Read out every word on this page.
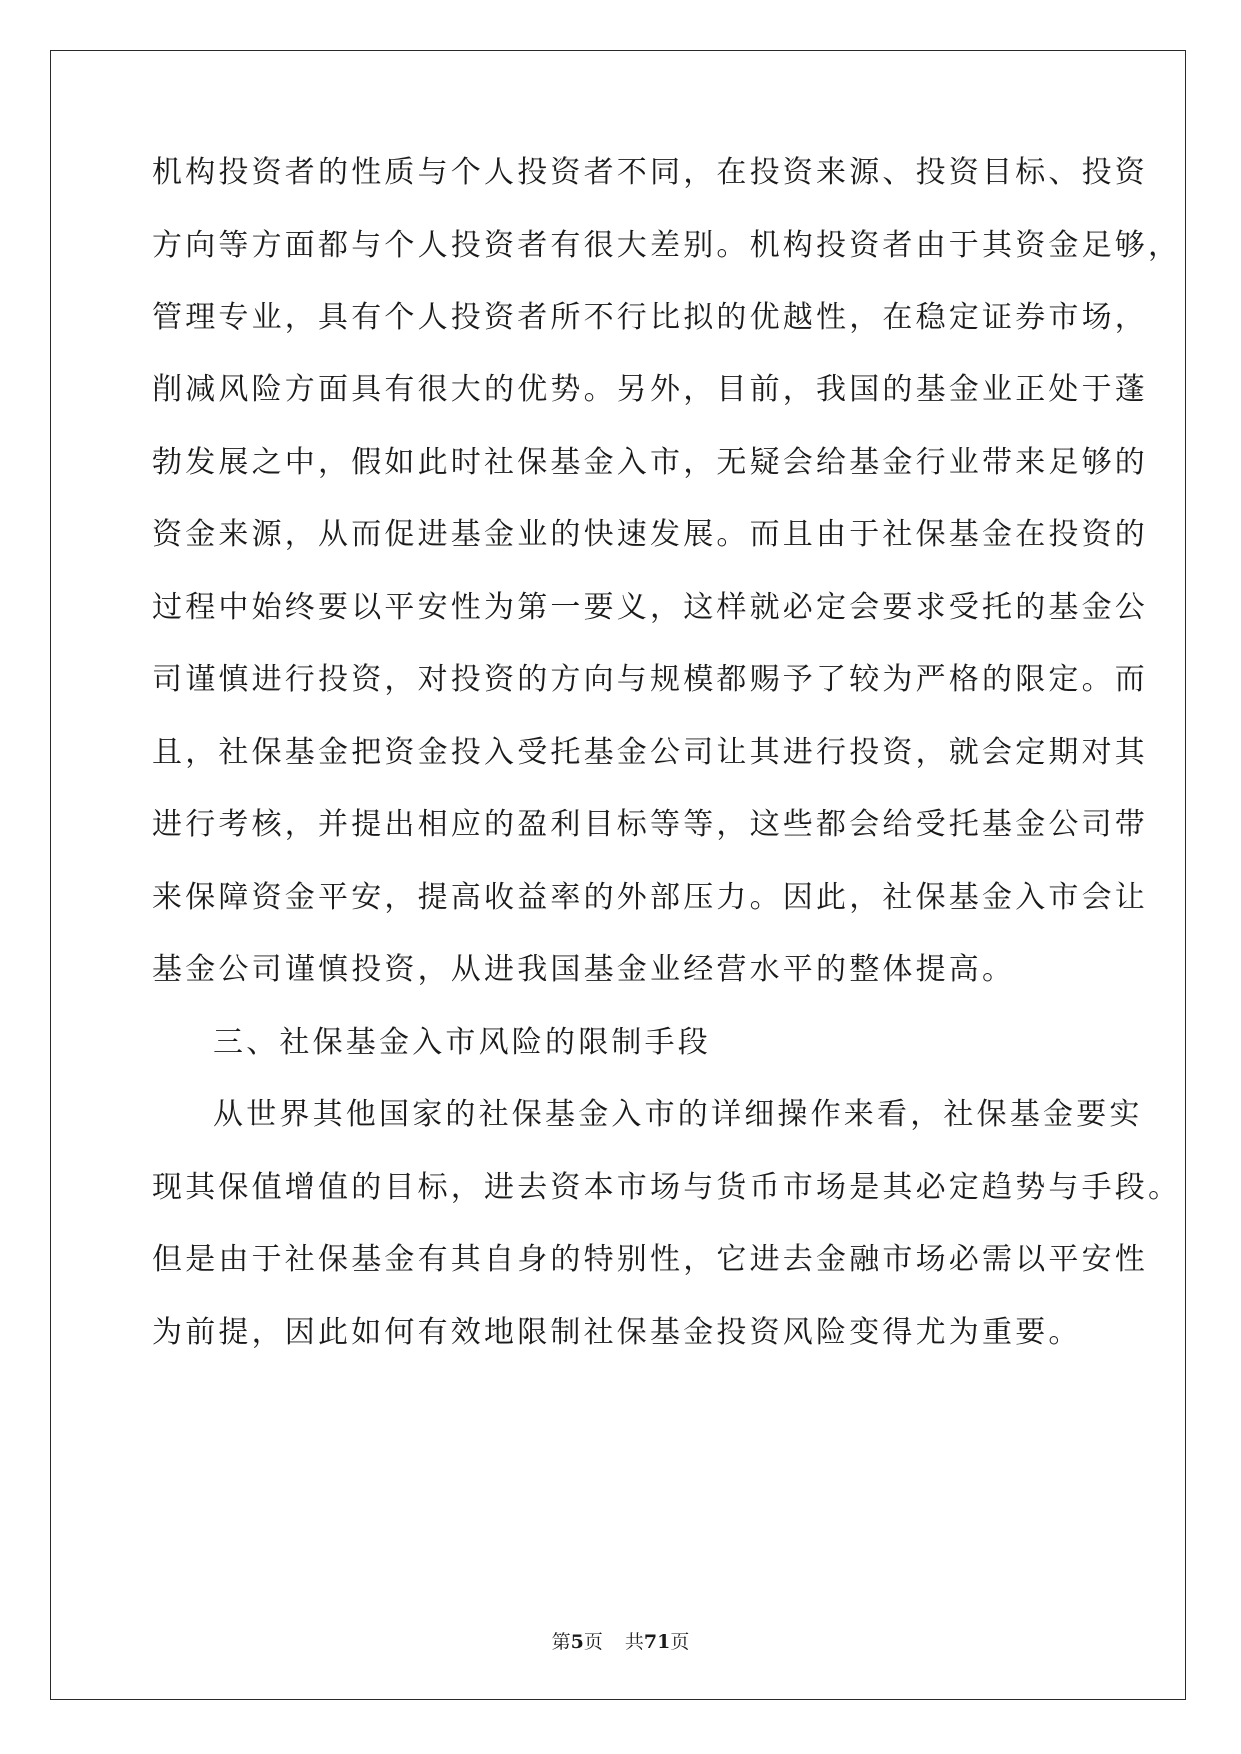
机构投资者的性质与个人投资者不同，在投资来源、投资目标、投资

方向等方面都与个人投资者有很大差别。机构投资者由于其资金足够，

管理专业，具有个人投资者所不行比拟的优越性，在稳定证券市场，

削减风险方面具有很大的优势。另外，目前，我国的基金业正处于蓬

勃发展之中，假如此时社保基金入市，无疑会给基金行业带来足够的

资金来源，从而促进基金业的快速发展。而且由于社保基金在投资的

过程中始终要以平安性为第一要义，这样就必定会要求受托的基金公

司谨慎进行投资，对投资的方向与规模都赐予了较为严格的限定。而

且，社保基金把资金投入受托基金公司让其进行投资，就会定期对其

进行考核，并提出相应的盈利目标等等，这些都会给受托基金公司带

来保障资金平安，提高收益率的外部压力。因此，社保基金入市会让

基金公司谨慎投资，从进我国基金业经营水平的整体提高。

三、社保基金入市风险的限制手段

从世界其他国家的社保基金入市的详细操作来看，社保基金要实

现其保值增值的目标，进去资本市场与货币市场是其必定趋势与手段。

但是由于社保基金有其自身的特别性，它进去金融市场必需以平安性

为前提，因此如何有效地限制社保基金投资风险变得尤为重要。

第5页 共71页
